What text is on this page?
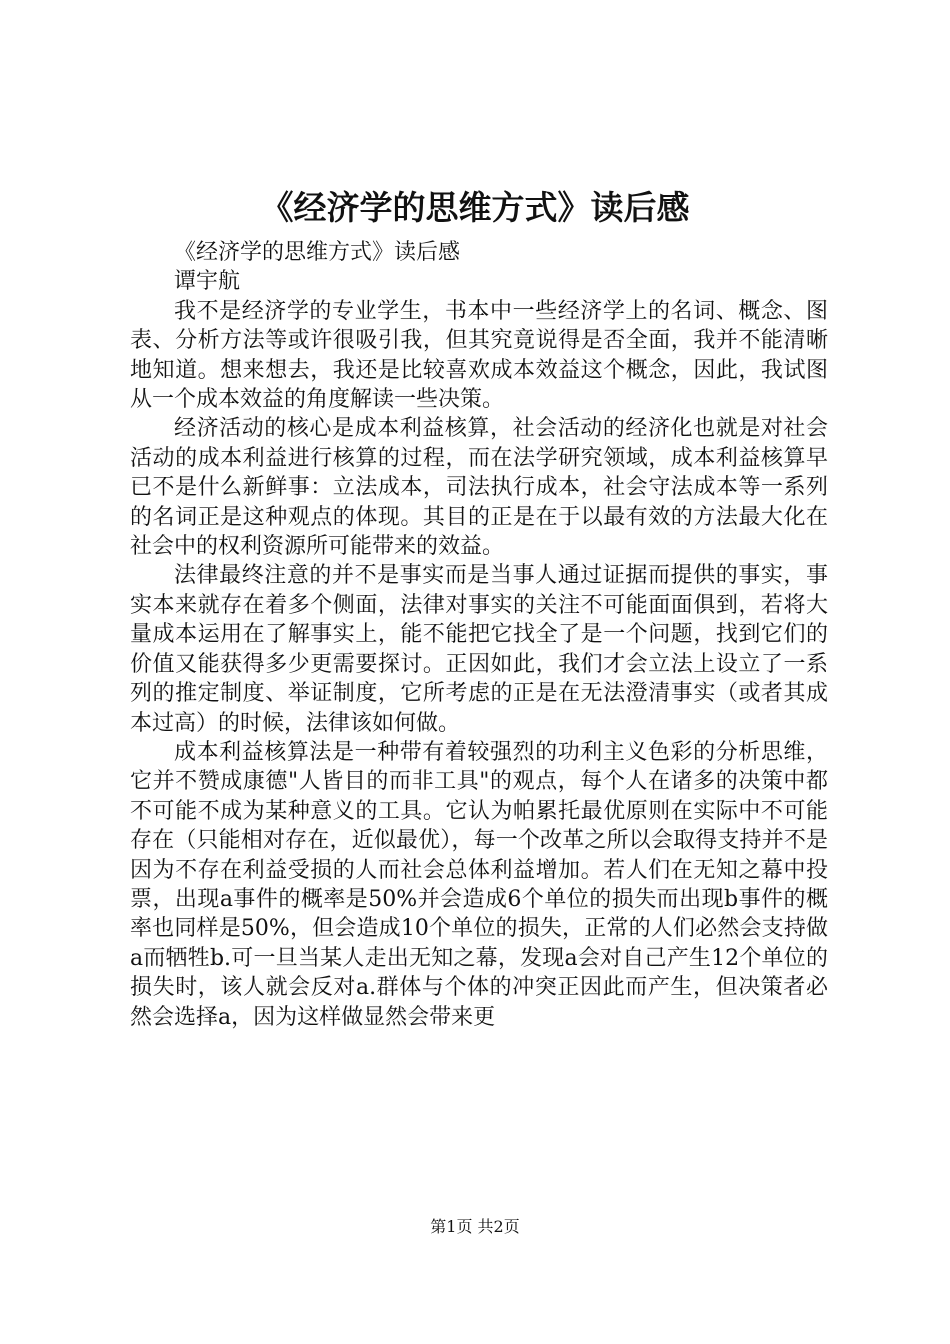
《经济学的思维方式》读后感

《经济学的思维方式》读后感

谭宇航

我不是经济学的专业学生，书本中一些经济学上的名词、概念、图表、分析方法等或许很吸引我，但其究竟说得是否全面，我并不能清晰地知道。想来想去，我还是比较喜欢成本效益这个概念，因此，我试图从一个成本效益的角度解读一些决策。

经济活动的核心是成本利益核算，社会活动的经济化也就是对社会活动的成本利益进行核算的过程，而在法学研究领域，成本利益核算早已不是什么新鲜事：立法成本，司法执行成本，社会守法成本等一系列的名词正是这种观点的体现。其目的正是在于以最有效的方法最大化在社会中的权利资源所可能带来的效益。

法律最终注意的并不是事实而是当事人通过证据而提供的事实，事实本来就存在着多个侧面，法律对事实的关注不可能面面俱到，若将大量成本运用在了解事实上，能不能把它找全了是一个问题，找到它们的价值又能获得多少更需要探讨。正因如此，我们才会立法上设立了一系列的推定制度、举证制度，它所考虑的正是在无法澄清事实（或者其成本过高）的时候，法律该如何做。

成本利益核算法是一种带有着较强烈的功利主义色彩的分析思维，它并不赞成康德"人皆目的而非工具"的观点，每个人在诸多的决策中都不可能不成为某种意义的工具。它认为帕累托最优原则在实际中不可能存在（只能相对存在，近似最优），每一个改革之所以会取得支持并不是因为不存在利益受损的人而社会总体利益增加。若人们在无知之幕中投票，出现a事件的概率是50%并会造成6个单位的损失而出现b事件的概率也同样是50%，但会造成10个单位的损失，正常的人们必然会支持做a而牺牲b.可一旦当某人走出无知之幕，发现a会对自己产生12个单位的损失时，该人就会反对a.群体与个体的冲突正因此而产生，但决策者必然会选择a，因为这样做显然会带来更

第1页 共2页
